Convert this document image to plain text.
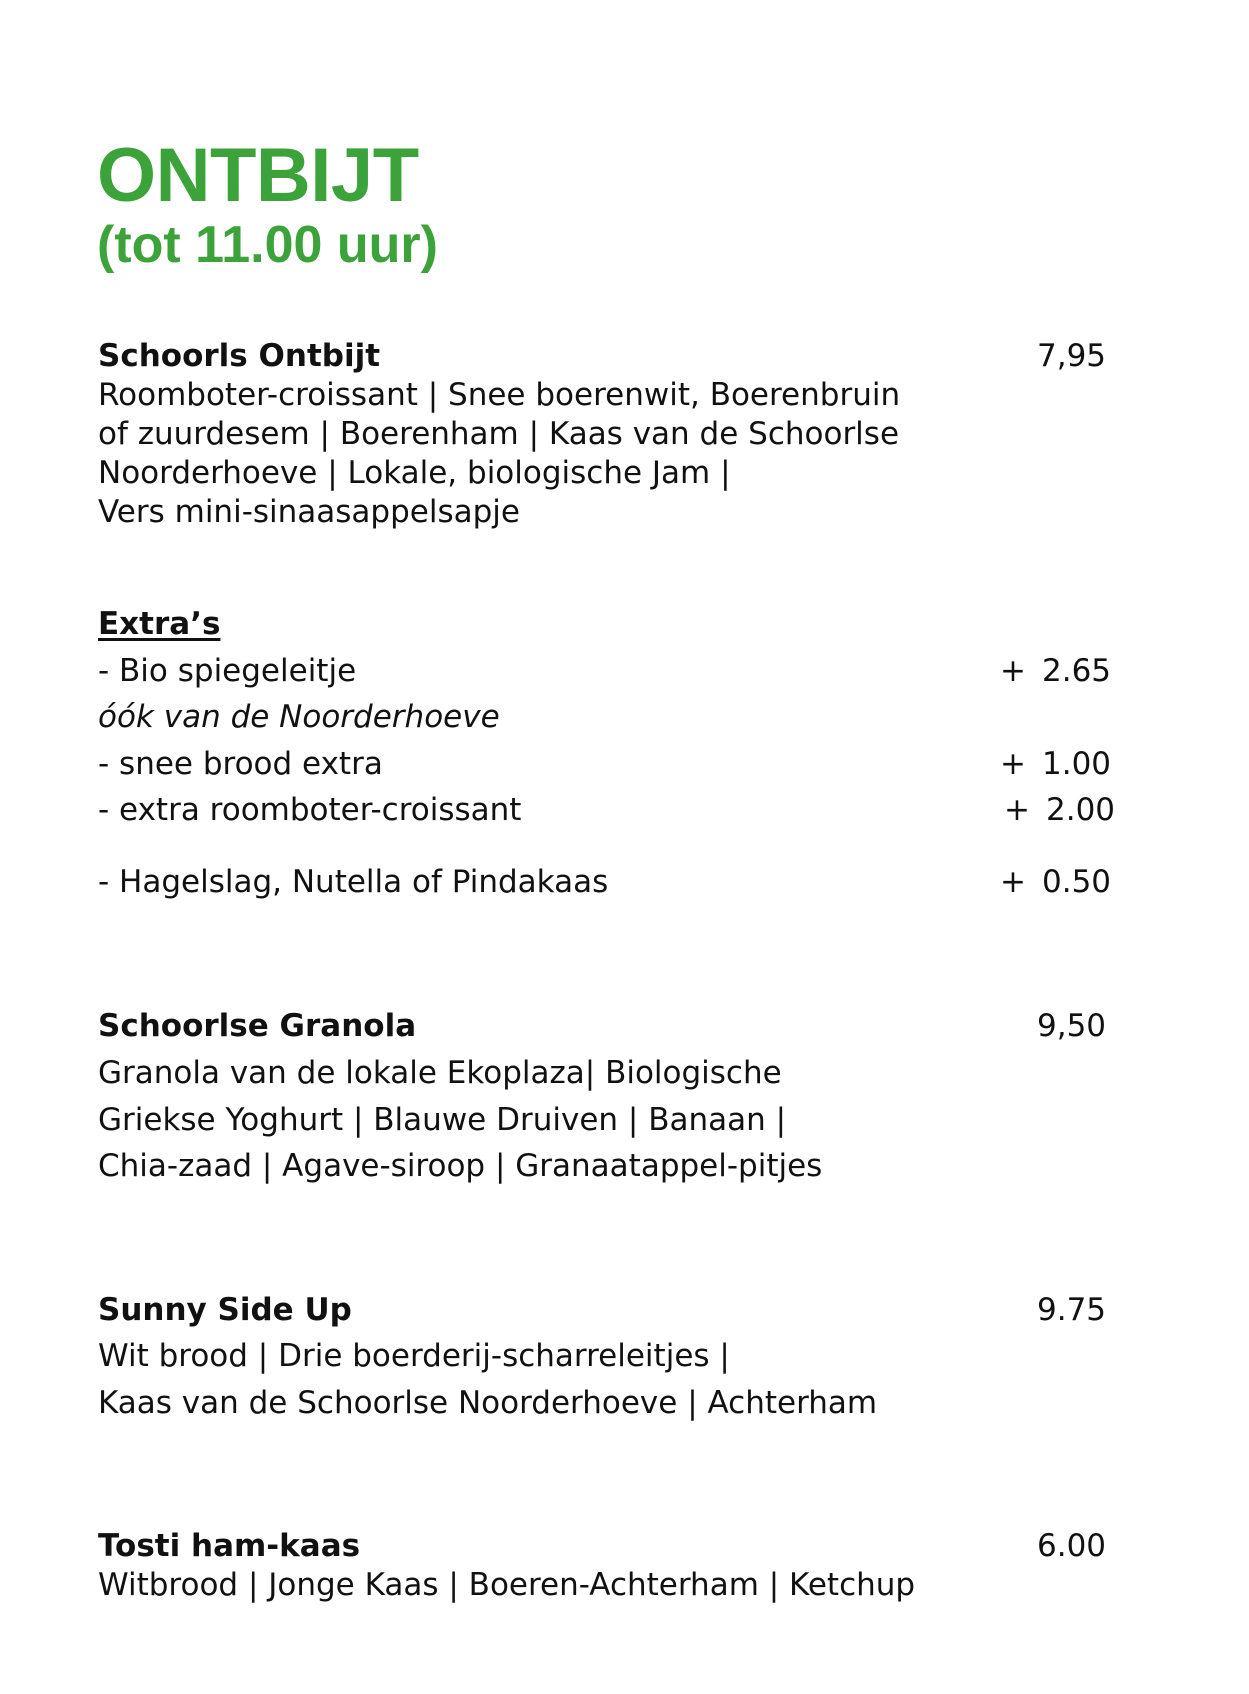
ONTBIJT
(tot 11.00 uur)
Schoorls Ontbijt	7,95
Roomboter-croissant | Snee boerenwit, Boerenbruin
of zuurdesem | Boerenham | Kaas van de Schoorlse
Noorderhoeve | Lokale, biologische Jam |
Vers mini-sinaasappelsapje
Extra’s
- Bio spiegeleitje	+ 2.65
óók van de Noorderhoeve
- snee brood extra	+ 1.00
- extra roomboter-croissant	+ 2.00
- Hagelslag, Nutella of Pindakaas	+ 0.50
Schoorlse Granola	9,50
Granola van de lokale Ekoplaza| Biologische
Griekse Yoghurt | Blauwe Druiven | Banaan |
Chia-zaad | Agave-siroop | Granaatappel-pitjes
Sunny Side Up	9.75
Wit brood | Drie boerderij-scharreleitjes |
Kaas van de Schoorlse Noorderhoeve | Achterham
Tosti ham-kaas	6.00
Witbrood | Jonge Kaas | Boeren-Achterham | Ketchup
